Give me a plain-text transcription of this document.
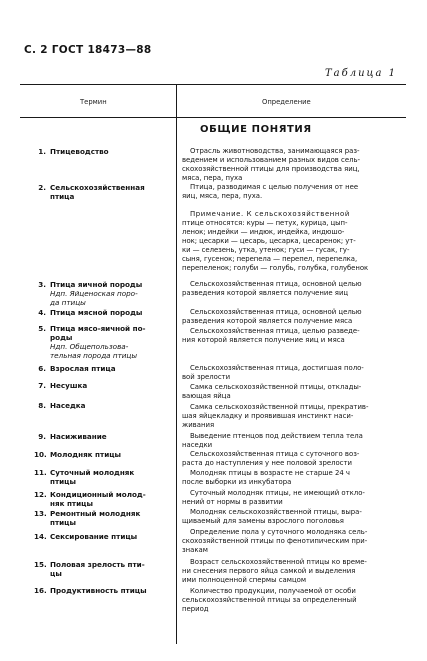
С. 2 ГОСТ 18473—88
Таблица 1
Термин	Определение
ОБЩИЕ ПОНЯТИЯ
1. Птицеводство
2. Сельскохозяйственная
птица
3. Птица яичной породы
Ндп. Яйценоская поро-
да птицы
4. Птица мясной породы
5. Птица мясо-яичной по-
роды
Ндп. Общепользова-
тельная порода птицы
6. Взрослая птица
7. Несушка
8. Наседка
9. Насиживание
10. Молодняк птицы
11. Суточный молодняк
птицы
12. Кондиционный молод-
няк птицы
13. Ремонтный молодняк
птицы
14. Сексирование птицы
15. Половая зрелость пти-
цы
16. Продуктивность птицы
Отрасль животноводства, занимающаяся раз-
ведением и использованием разных видов сель-
скохозяйственной птицы для производства яиц,
мяса, пера, пуха
Птица, разводимая с целью получения от нее
яиц, мяса, пера, пуха.
Примечание. К сельскохозяйственной
птице относятся: куры — петух, курица, цып-
ленок; индейки — индюк, индейка, индюшо-
нок; цесарки — цесарь, цесарка, цесаренок; ут-
ки — селезень, утка, утенок; гуси — гусак, гу-
сыня, гусенок; перепела — перепел, перепелка,
перепеленок; голуби — голубь, голубка, голубенок
Сельскохозяйственная птица, основной целью
разведения которой является получение яиц
Сельскохозяйственная птица, основной целью
разведения которой является получение мяса
Сельскохозяйственная птица, целью разведе-
ния которой является получение яиц и мяса
Сельскохозяйственная птица, достигшая поло-
вой зрелости
Самка сельскохозяйственной птицы, отклады-
вающая яйца
Самка сельскохозяйственной птицы, прекратив-
шая яйцекладку и проявившая инстинкт наси-
живания
Выведение птенцов под действием тепла тела
наседки
Сельскохозяйственная птица с суточного воз-
раста до наступления у нее половой зрелости
Молодняк птицы в возрасте не старше 24 ч
после выборки из инкубатора
Суточный молодняк птицы, не имеющий откло-
нений от нормы в развитии
Молодняк сельскохозяйственной птицы, выра-
щиваемый для замены взрослого поголовья
Определение пола у суточного молодняка сель-
скохозяйственной птицы по фенотипическим при-
знакам
Возраст сельскохозяйственной птицы ко време-
ни снесения первого яйца самкой и выделения
ими полноценной спермы самцом
Количество продукции, получаемой от особи
сельскохозяйственной птицы за определенный
период
